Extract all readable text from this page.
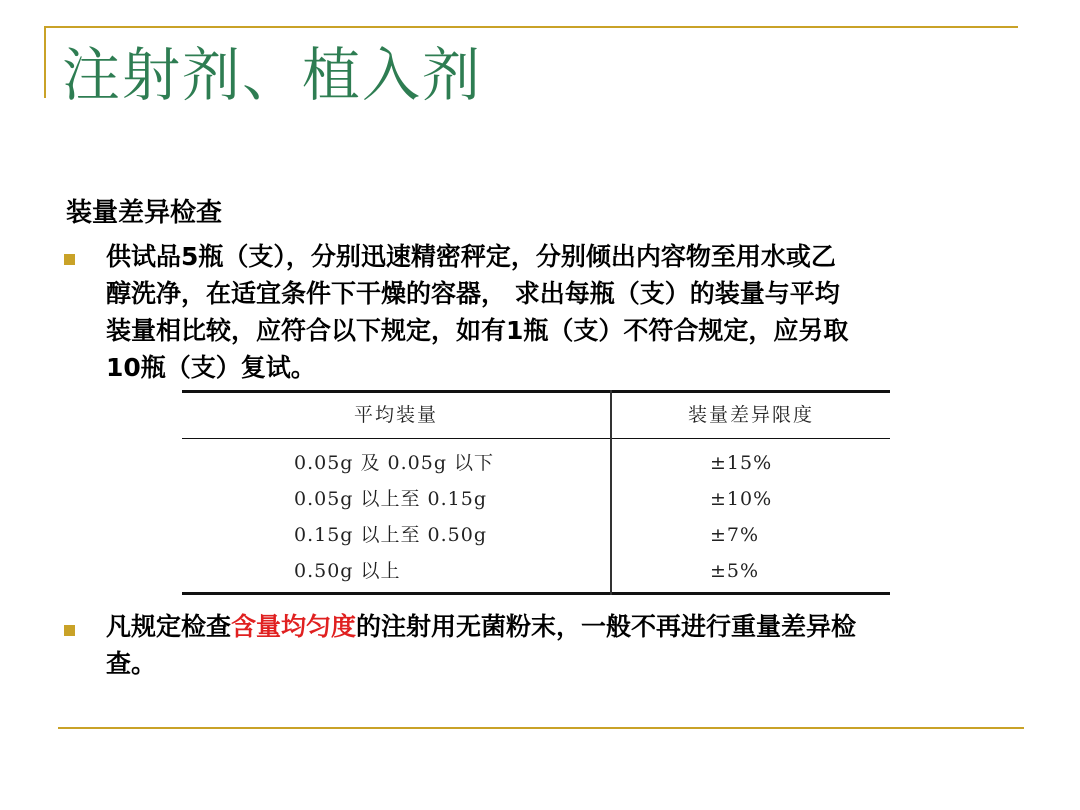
注射剂、植入剂
装量差异检查
供试品5瓶（支），分别迅速精密秤定，分别倾出内容物至用水或乙
醇洗净，在适宜条件下干燥的容器， 求出每瓶（支）的装量与平均
装量相比较，应符合以下规定，如有1瓶（支）不符合规定，应另取
10瓶（支）复试。
平均装量	装量差异限度
0.05g 及 0.05g 以下	±15%
0.05g 以上至 0.15g	±10%
0.15g 以上至 0.50g	±7%
0.50g 以上	±5%
凡规定检查含量均匀度的注射用无菌粉末，一般不再进行重量差异检
查。
